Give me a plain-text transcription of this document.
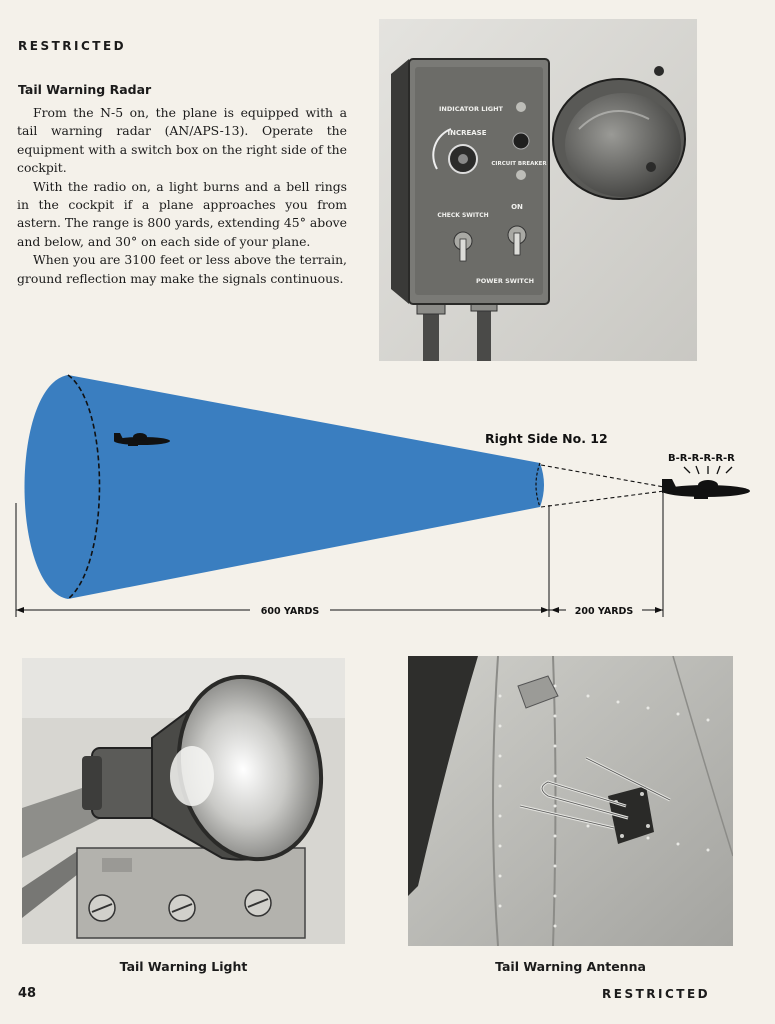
RESTRICTED
Tail Warning Radar

From the N-5 on, the plane is equipped with a tail warning radar (AN/APS-13). Operate the equipment with a switch box on the right side of the cockpit.

With the radio on, a light burns and a bell rings in the cockpit if a plane approaches you from astern. The range is 800 yards, extending 45° above and below, and 30° on each side of your plane.

When you are 3100 feet or less above the terrain, ground reflection may make the signals continuous.

INDICATOR LIGHT
INCREASE
CIRCUIT BREAKER
CHECK SWITCH
ON
POWER SWITCH
Right Side No. 12
B-R-R-R-R-R
600 YARDS	200 YARDS
Tail Warning Light	Tail Warning Antenna
48	RESTRICTED
